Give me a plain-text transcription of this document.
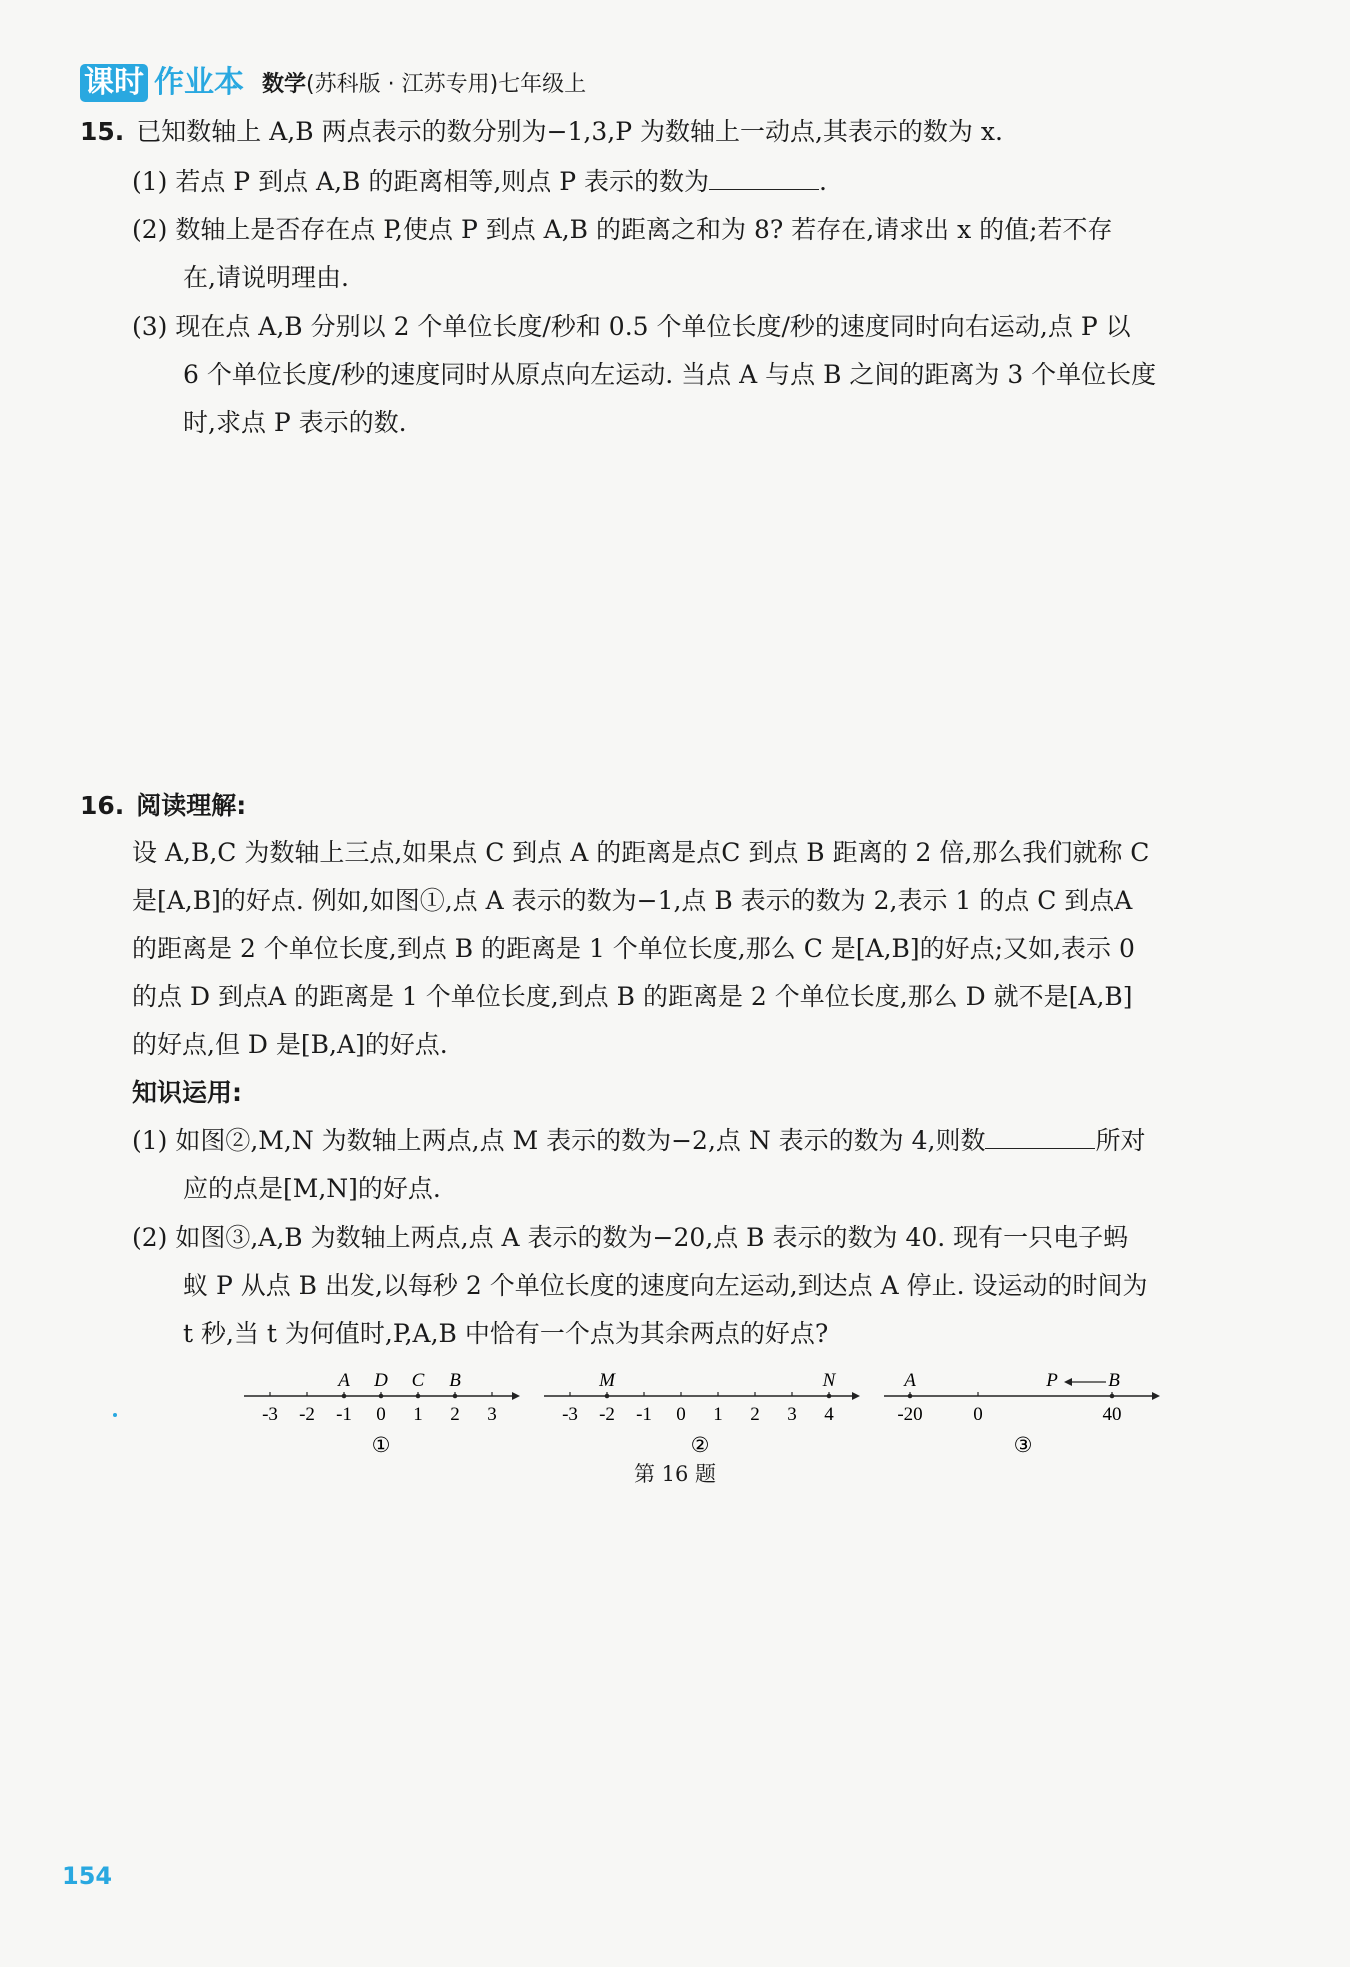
课时 作业本 数学(苏科版 · 江苏专用)七年级上
15. 已知数轴上 A,B 两点表示的数分别为−1,3,P 为数轴上一动点,其表示的数为 x.
(1) 若点 P 到点 A,B 的距离相等,则点 P 表示的数为	.
(2) 数轴上是否存在点 P,使点 P 到点 A,B 的距离之和为 8? 若存在,请求出 x 的值;若不存
在,请说明理由.
(3) 现在点 A,B 分别以 2 个单位长度/秒和 0.5 个单位长度/秒的速度同时向右运动,点 P 以
6 个单位长度/秒的速度同时从原点向左运动. 当点 A 与点 B 之间的距离为 3 个单位长度
时,求点 P 表示的数.
16. 阅读理解:
设 A,B,C 为数轴上三点,如果点 C 到点 A 的距离是点C 到点 B 距离的 2 倍,那么我们就称 C
是[A,B]的好点. 例如,如图①,点 A 表示的数为−1,点 B 表示的数为 2,表示 1 的点 C 到点A
的距离是 2 个单位长度,到点 B 的距离是 1 个单位长度,那么 C 是[A,B]的好点;又如,表示 0
的点 D 到点A 的距离是 1 个单位长度,到点 B 的距离是 2 个单位长度,那么 D 就不是[A,B]
的好点,但 D 是[B,A]的好点.
知识运用:
(1) 如图②,M,N 为数轴上两点,点 M 表示的数为−2,点 N 表示的数为 4,则数	所对
应的点是[M,N]的好点.
(2) 如图③,A,B 为数轴上两点,点 A 表示的数为−20,点 B 表示的数为 40. 现有一只电子蚂
蚁 P 从点 B 出发,以每秒 2 个单位长度的速度向左运动,到达点 A 停止. 设运动的时间为
t 秒,当 t 为何值时,P,A,B 中恰有一个点为其余两点的好点?
A D C B
-3 -2 -1 0 1 2 3
①
M	N
-3 -2 -1 0 1 2 3 4
②
A	P	B
-20	0	40
③
第 16 题
154
